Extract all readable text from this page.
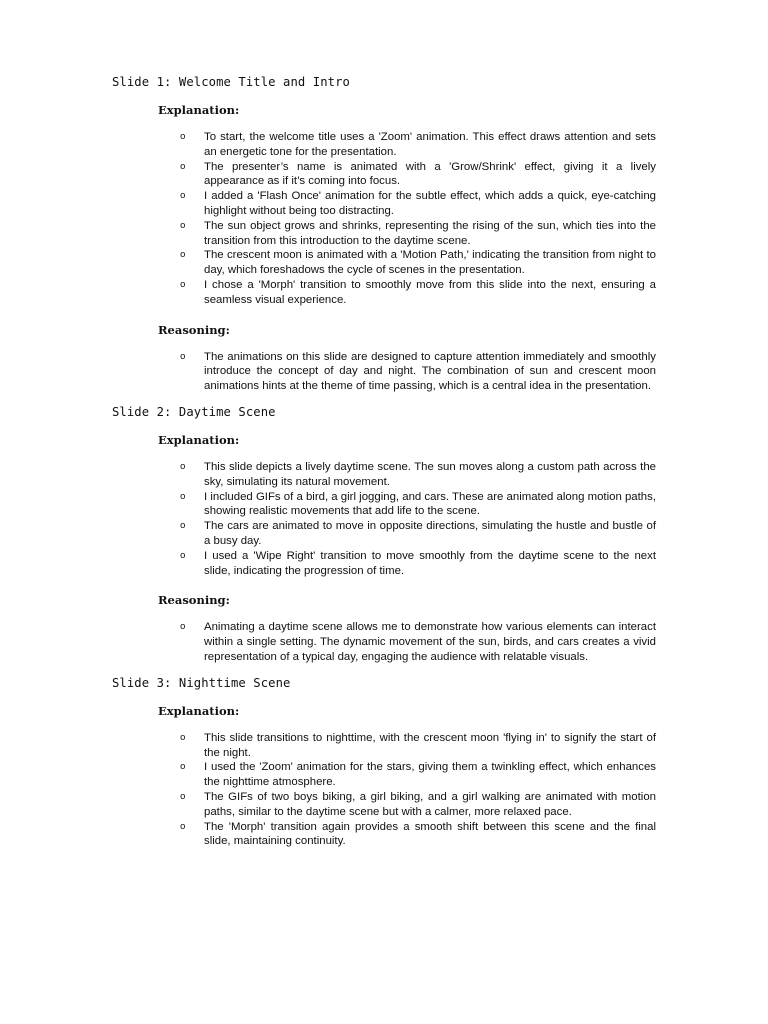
Slide 1: Welcome Title and Intro
Explanation:
o To start, the welcome title uses a 'Zoom' animation. This effect draws attention and sets an energetic tone for the presentation.
o The presenter’s name is animated with a 'Grow/Shrink' effect, giving it a lively appearance as if it’s coming into focus.
o I added a 'Flash Once' animation for the subtle effect, which adds a quick, eye-catching highlight without being too distracting.
o The sun object grows and shrinks, representing the rising of the sun, which ties into the transition from this introduction to the daytime scene.
o The crescent moon is animated with a 'Motion Path,' indicating the transition from night to day, which foreshadows the cycle of scenes in the presentation.
o I chose a 'Morph' transition to smoothly move from this slide into the next, ensuring a seamless visual experience.
Reasoning:
o The animations on this slide are designed to capture attention immediately and smoothly introduce the concept of day and night. The combination of sun and crescent moon animations hints at the theme of time passing, which is a central idea in the presentation.
Slide 2: Daytime Scene
Explanation:
o This slide depicts a lively daytime scene. The sun moves along a custom path across the sky, simulating its natural movement.
o I included GIFs of a bird, a girl jogging, and cars. These are animated along motion paths, showing realistic movements that add life to the scene.
o The cars are animated to move in opposite directions, simulating the hustle and bustle of a busy day.
o I used a 'Wipe Right' transition to move smoothly from the daytime scene to the next slide, indicating the progression of time.
Reasoning:
o Animating a daytime scene allows me to demonstrate how various elements can interact within a single setting. The dynamic movement of the sun, birds, and cars creates a vivid representation of a typical day, engaging the audience with relatable visuals.
Slide 3: Nighttime Scene
Explanation:
o This slide transitions to nighttime, with the crescent moon 'flying in' to signify the start of the night.
o I used the 'Zoom' animation for the stars, giving them a twinkling effect, which enhances the nighttime atmosphere.
o The GIFs of two boys biking, a girl biking, and a girl walking are animated with motion paths, similar to the daytime scene but with a calmer, more relaxed pace.
o The 'Morph' transition again provides a smooth shift between this scene and the final slide, maintaining continuity.
